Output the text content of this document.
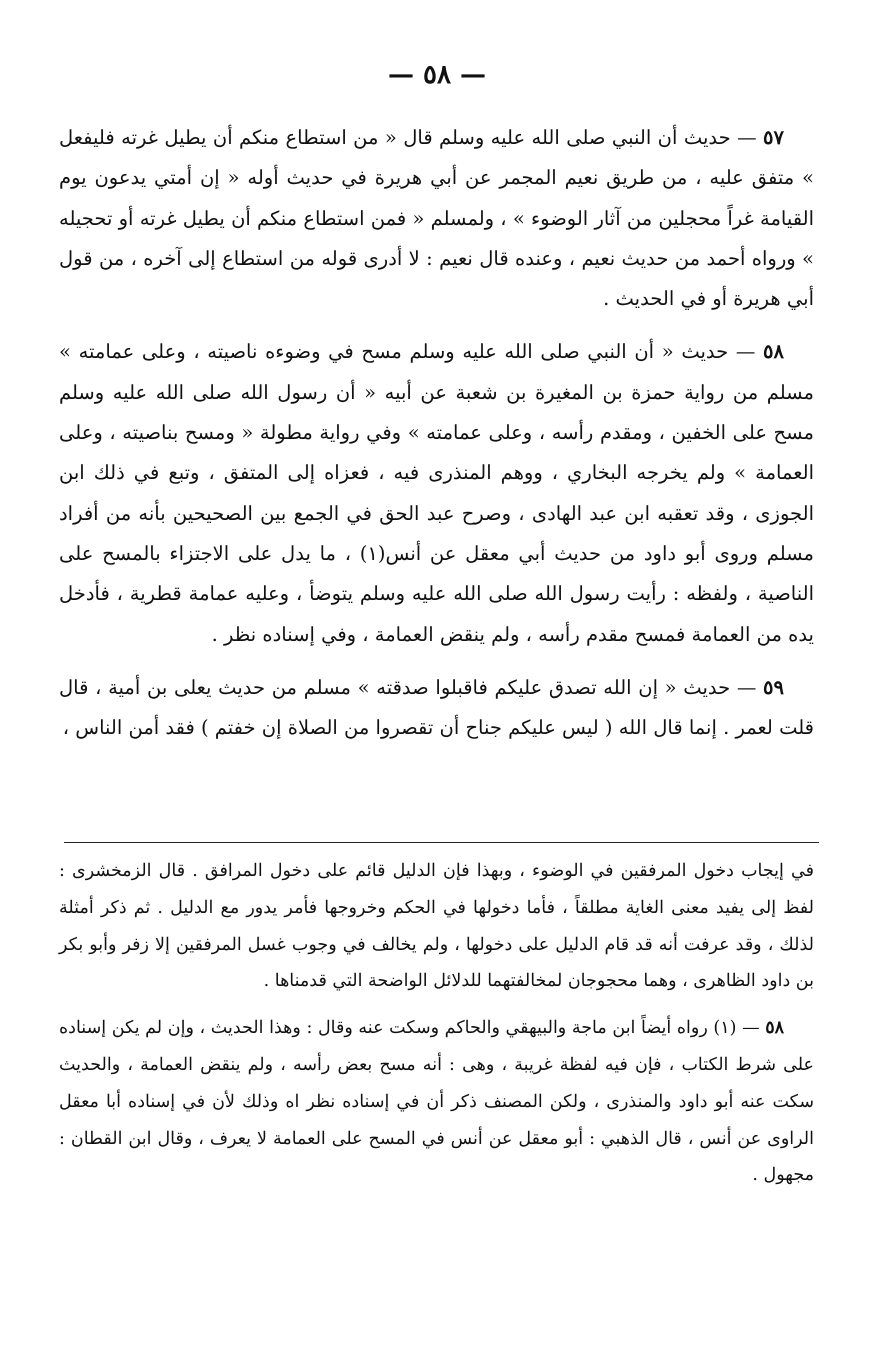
— ٥٨ —

٥٧ — حديث أن النبي صلى الله عليه وسلم قال « من استطاع منكم أن يطيل غرته فليفعل » متفق عليه ، من طريق نعيم المجمر عن أبي هريرة في حديث أوله « إن أمتي يدعون يوم القيامة غراً محجلين من آثار الوضوء » ، ولمسلم « فمن استطاع منكم أن يطيل غرته أو تحجيله » ورواه أحمد من حديث نعيم ، وعنده قال نعيم : لا أدرى قوله من استطاع إلى آخره ، من قول أبي هريرة أو في الحديث .

٥٨ — حديث « أن النبي صلى الله عليه وسلم مسح في وضوءه ناصيته ، وعلى عمامته » مسلم من رواية حمزة بن المغيرة بن شعبة عن أبيه « أن رسول الله صلى الله عليه وسلم مسح على الخفين ، ومقدم رأسه ، وعلى عمامته » وفي رواية مطولة « ومسح بناصيته ، وعلى العمامة » ولم يخرجه البخاري ، ووهم المنذرى فيه ، فعزاه إلى المتفق ، وتبع في ذلك ابن الجوزى ، وقد تعقبه ابن عبد الهادى ، وصرح عبد الحق في الجمع بين الصحيحين بأنه من أفراد مسلم وروى أبو داود من حديث أبي معقل عن أنس(١) ، ما يدل على الاجتزاء بالمسح على الناصية ، ولفظه : رأيت رسول الله صلى الله عليه وسلم يتوضأ ، وعليه عمامة قطرية ، فأدخل يده من العمامة فمسح مقدم رأسه ، ولم ينقض العمامة ، وفي إسناده نظر .

٥٩ — حديث « إن الله تصدق عليكم فاقبلوا صدقته » مسلم من حديث يعلى بن أمية ، قال قلت لعمر . إنما قال الله ( ليس عليكم جناح أن تقصروا من الصلاة إن خفتم ) فقد أمن الناس ،

في إيجاب دخول المرفقين في الوضوء ، وبهذا فإن الدليل قائم على دخول المرافق . قال الزمخشرى : لفظ إلى يفيد معنى الغاية مطلقاً ، فأما دخولها في الحكم وخروجها فأمر يدور مع الدليل . ثم ذكر أمثلة لذلك ، وقد عرفت أنه قد قام الدليل على دخولها ، ولم يخالف في وجوب غسل المرفقين إلا زفر وأبو بكر بن داود الظاهرى ، وهما محجوجان لمخالفتهما للدلائل الواضحة التي قدمناها .

٥٨ — (١) رواه أيضاً ابن ماجة والبيهقي والحاكم وسكت عنه وقال : وهذا الحديث ، وإن لم يكن إسناده على شرط الكتاب ، فإن فيه لفظة غريبة ، وهى : أنه مسح بعض رأسه ، ولم ينقض العمامة ، والحديث سكت عنه أبو داود والمنذرى ، ولكن المصنف ذكر أن في إسناده نظر اه وذلك لأن في إسناده أبا معقل الراوى عن أنس ، قال الذهبي : أبو معقل عن أنس في المسح على العمامة لا يعرف ، وقال ابن القطان : مجهول .
